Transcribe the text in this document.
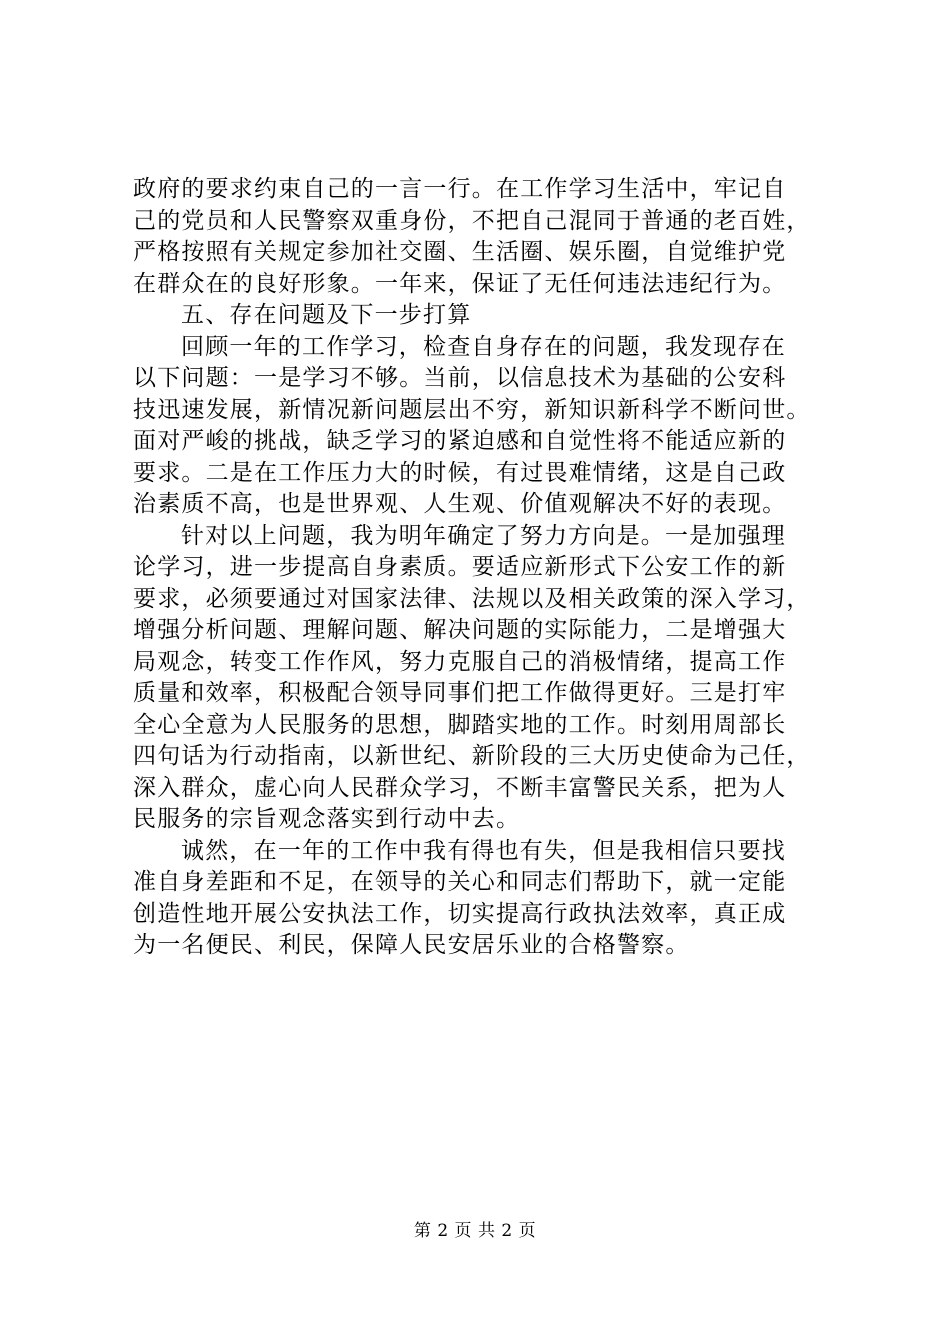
政府的要求约束自己的一言一行。在工作学习生活中，牢记自
己的党员和人民警察双重身份，不把自己混同于普通的老百姓，
严格按照有关规定参加社交圈、生活圈、娱乐圈，自觉维护党
在群众在的良好形象。一年来，保证了无任何违法违纪行为。
五、存在问题及下一步打算
回顾一年的工作学习，检查自身存在的问题，我发现存在
以下问题：一是学习不够。当前，以信息技术为基础的公安科
技迅速发展，新情况新问题层出不穷，新知识新科学不断问世。
面对严峻的挑战，缺乏学习的紧迫感和自觉性将不能适应新的
要求。二是在工作压力大的时候，有过畏难情绪，这是自己政
治素质不高，也是世界观、人生观、价值观解决不好的表现。
针对以上问题，我为明年确定了努力方向是。一是加强理
论学习，进一步提高自身素质。要适应新形式下公安工作的新
要求，必须要通过对国家法律、法规以及相关政策的深入学习，
增强分析问题、理解问题、解决问题的实际能力，二是增强大
局观念，转变工作作风，努力克服自己的消极情绪，提高工作
质量和效率，积极配合领导同事们把工作做得更好。三是打牢
全心全意为人民服务的思想，脚踏实地的工作。时刻用周部长
四句话为行动指南，以新世纪、新阶段的三大历史使命为己任，
深入群众，虚心向人民群众学习，不断丰富警民关系，把为人
民服务的宗旨观念落实到行动中去。
诚然，在一年的工作中我有得也有失，但是我相信只要找
准自身差距和不足，在领导的关心和同志们帮助下，就一定能
创造性地开展公安执法工作，切实提高行政执法效率，真正成
为一名便民、利民，保障人民安居乐业的合格警察。
第 2 页 共 2 页
